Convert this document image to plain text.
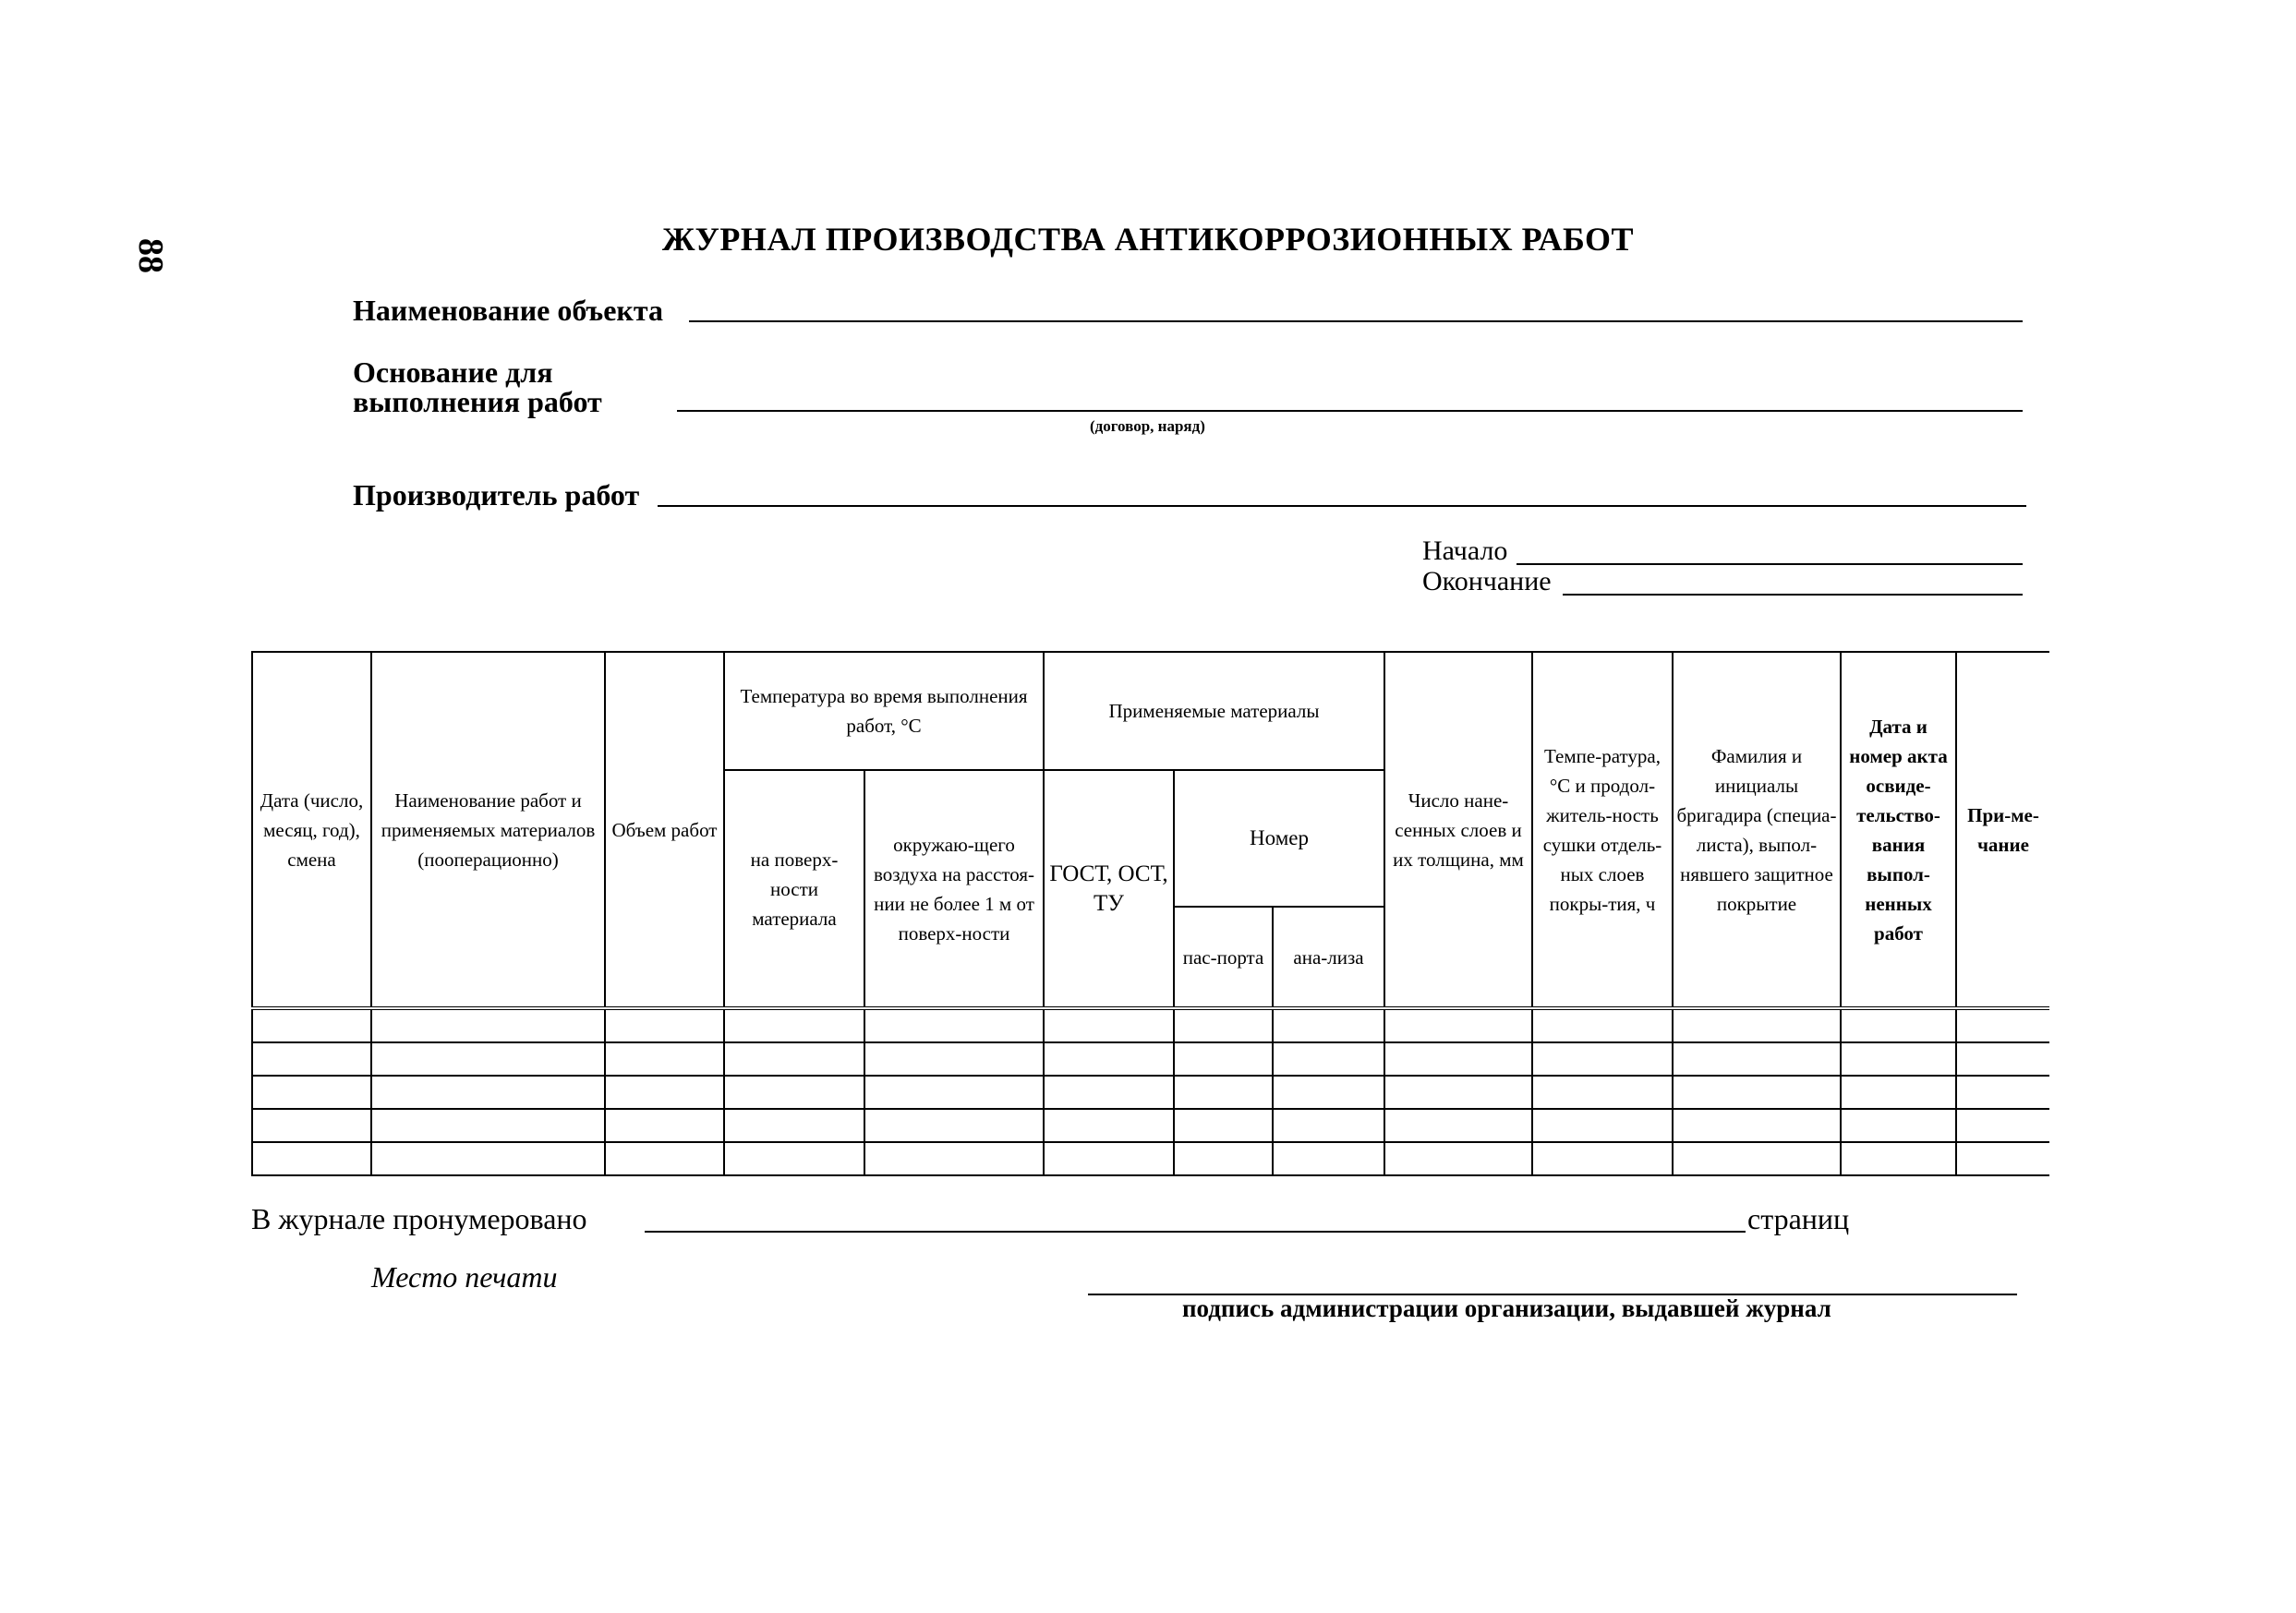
88	ЖУРНАЛ ПРОИЗВОДСТВА АНТИКОРРОЗИОННЫХ РАБОТ
Наименование объекта
Основание для
выполнения работ
(договор, наряд)
Производитель работ
Начало
Окончание
Дата (число, месяц, год), смена	Наименование работ и применяемых материалов (пооперационно)	Объем работ	Температура во время выполнения работ, °С		Применяемые материалы			Число нане-сенных слоев и их толщина, мм	Темпе-ратура, °С и продол-житель-ность сушки отдель-ных слоев покры-тия, ч	Фамилия и инициалы бригадира (специа-листа), выпол-нявшего защитное покрытие	Дата и номер акта освиде-тельство-вания выпол-ненных работ	При-ме-чание
			на поверх-ности материала	окружаю-щего воздуха на расстоя-нии не более 1 м от поверх-ности	ГОСТ, ОСТ, ТУ	Номер						
						пас-порта	ана-лиза					

В журнале пронумеровано	страниц
Место печати
подпись администрации организации, выдавшей журнал
